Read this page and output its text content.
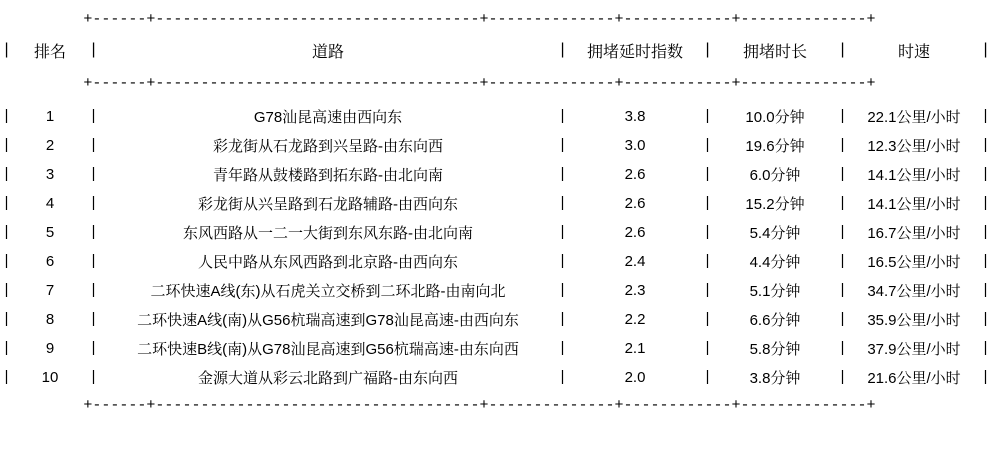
+------+------------------------------------+--------------+------------+--------------+
|	排名	|	道路	|	拥堵延时指数	|	拥堵时长	|	时速	|
+------+------------------------------------+--------------+------------+--------------+

|	1	|	G78汕昆高速由西向东	|	3.8	|	10.0分钟	|	22.1公里/小时	|
|	2	|	彩龙街从石龙路到兴呈路-由东向西	|	3.0	|	19.6分钟	|	12.3公里/小时	|
|	3	|	青年路从鼓楼路到拓东路-由北向南	|	2.6	|	6.0分钟	|	14.1公里/小时	|
|	4	|	彩龙街从兴呈路到石龙路辅路-由西向东	|	2.6	|	15.2分钟	|	14.1公里/小时	|
|	5	|	东风西路从一二一大街到东风东路-由北向南	|	2.6	|	5.4分钟	|	16.7公里/小时	|
|	6	|	人民中路从东风西路到北京路-由西向东	|	2.4	|	4.4分钟	|	16.5公里/小时	|
|	7	|	二环快速A线(东)从石虎关立交桥到二环北路-由南向北	|	2.3	|	5.1分钟	|	34.7公里/小时	|
|	8	|	二环快速A线(南)从G56杭瑞高速到G78汕昆高速-由西向东	|	2.2	|	6.6分钟	|	35.9公里/小时	|
|	9	|	二环快速B线(南)从G78汕昆高速到G56杭瑞高速-由东向西	|	2.1	|	5.8分钟	|	37.9公里/小时	|
|	10	|	金源大道从彩云北路到广福路-由东向西	|	2.0	|	3.8分钟	|	21.6公里/小时	|
+------+------------------------------------+--------------+------------+--------------+
